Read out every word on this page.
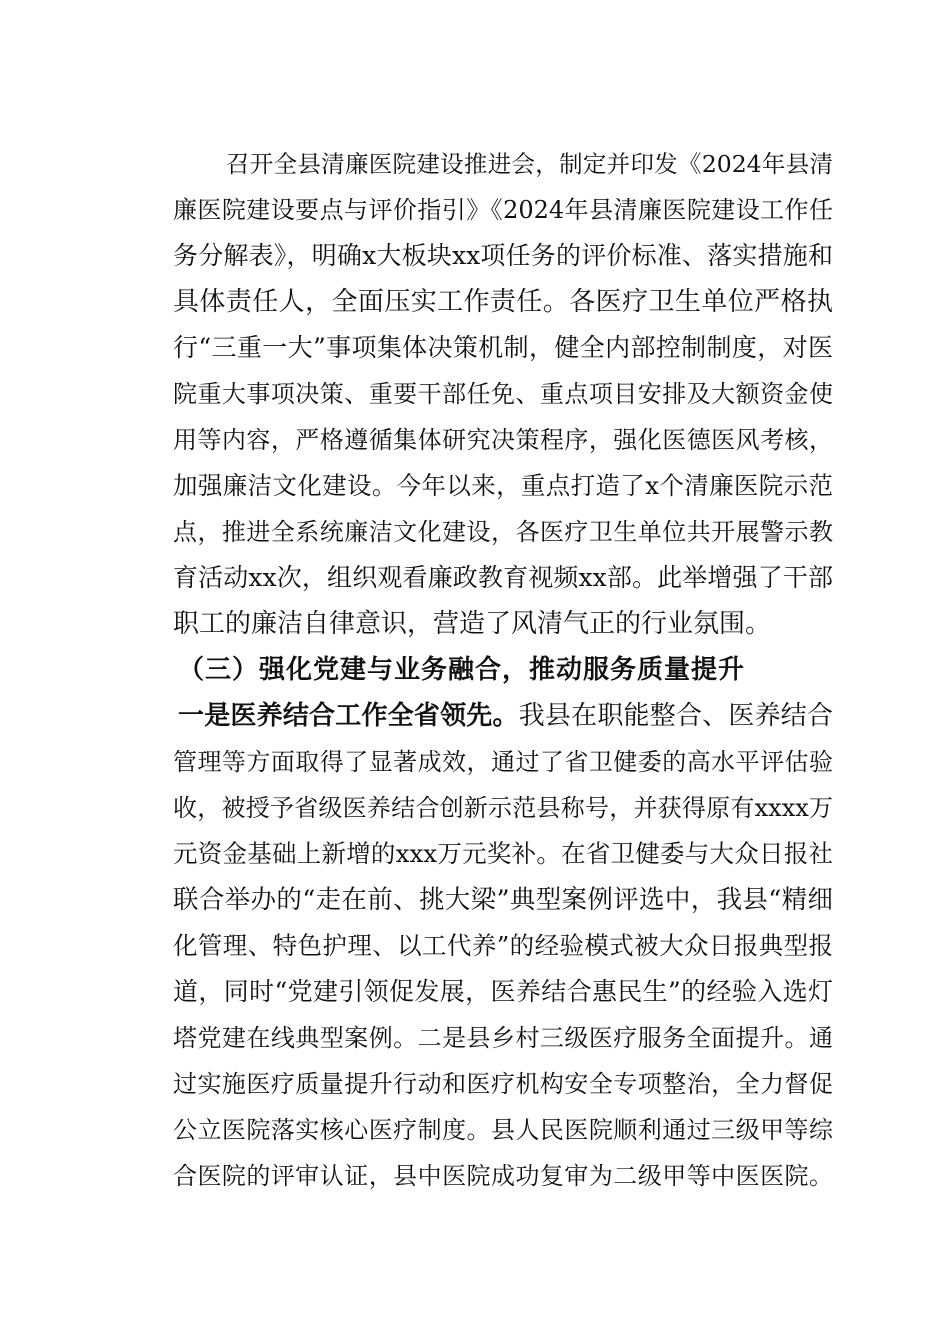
召开全县清廉医院建设推进会，制定并印发《2024年县清
廉医院建设要点与评价指引》《2024年县清廉医院建设工作任
务分解表》，明确x大板块xx项任务的评价标准、落实措施和
具体责任人，全面压实工作责任。各医疗卫生单位严格执
行“三重一大”事项集体决策机制，健全内部控制制度，对医
院重大事项决策、重要干部任免、重点项目安排及大额资金使
用等内容，严格遵循集体研究决策程序，强化医德医风考核，
加强廉洁文化建设。今年以来，重点打造了x个清廉医院示范
点，推进全系统廉洁文化建设，各医疗卫生单位共开展警示教
育活动xx次，组织观看廉政教育视频xx部。此举增强了干部
职工的廉洁自律意识，营造了风清气正的行业氛围。
（三）强化党建与业务融合，推动服务质量提升
一是医养结合工作全省领先。我县在职能整合、医养结合
管理等方面取得了显著成效，通过了省卫健委的高水平评估验
收，被授予省级医养结合创新示范县称号，并获得原有xxxx万
元资金基础上新增的xxx万元奖补。在省卫健委与大众日报社
联合举办的“走在前、挑大梁”典型案例评选中，我县“精细
化管理、特色护理、以工代养”的经验模式被大众日报典型报
道，同时“党建引领促发展，医养结合惠民生”的经验入选灯
塔党建在线典型案例。二是县乡村三级医疗服务全面提升。通
过实施医疗质量提升行动和医疗机构安全专项整治，全力督促
公立医院落实核心医疗制度。县人民医院顺利通过三级甲等综
合医院的评审认证，县中医院成功复审为二级甲等中医医院。
